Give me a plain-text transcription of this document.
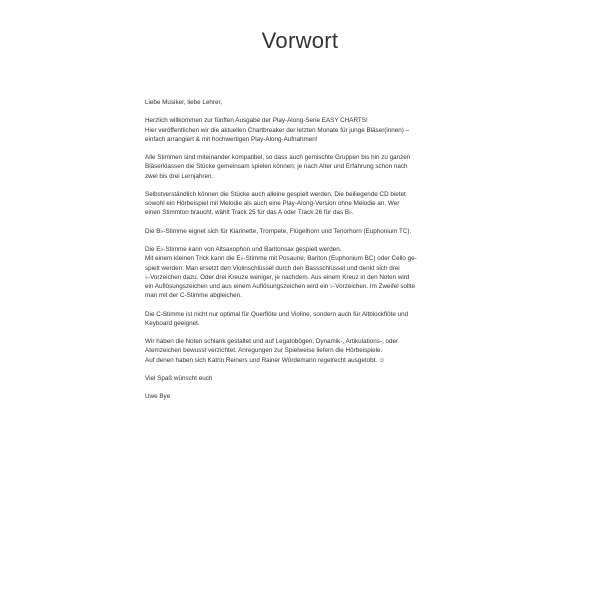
Vorwort

Liebe Musiker, liebe Lehrer,

Herzlich willkommen zur fünften Ausgabe der Play-Along-Serie EASY CHARTS!
Hier veröffentlichen wir die aktuellen Chartbreaker der letzten Monate für junge Bläser(innen) –
einfach arrangiert & mit hochwertigen Play-Along-Aufnahmen!

Alle Stimmen sind miteinander kompatibel, so dass auch gemischte Gruppen bis hin zu ganzen
Bläserklassen die Stücke gemeinsam spielen können; je nach Alter und Erfahrung schon nach
zwei bis drei Lernjahren.

Selbstverständlich können die Stücke auch alleine gespielt werden. Die beiliegende CD bietet
sowohl ein Hörbeispiel mit Melodie als auch eine Play-Along-Version ohne Melodie an. Wer
einen Stimmton braucht, wählt Track 25 für das A oder Track 26 für das B♭.

Die B♭-Stimme eignet sich für Klarinette, Trompete, Flügelhorn und Tenorhorn (Euphonium TC).

Die E♭-Stimme kann von Altsaxophon und Baritonsax gespielt werden.
Mit einem kleinen Trick kann die E♭-Stimme mit Posaune, Bariton (Euphonium BC) oder Cello ge-
spielt werden: Man ersetzt den Violinschlüssel durch den Bassschlüssel und denkt sich drei
♭-Vorzeichen dazu. Oder drei Kreuze weniger, je nachdem. Aus einem Kreuz in den Noten wird
ein Auflösungszeichen und aus einem Auflösungszeichen wird ein ♭-Vorzeichen. Im Zweifel sollte
man mit der C-Stimme abgleichen.

Die C-Stimme ist nicht nur optimal für Querflöte und Violine, sondern auch für Altblockflöte und
Keyboard geeignet.

Wir haben die Noten schlank gestaltet und auf Legatobögen, Dynamik-, Artikulations-, oder
Atemzeichen bewusst verzichtet. Anregungen zur Spielweise liefern die Hörbeispiele.
Auf denen haben sich Katrin Reiners und Rainer Wördemann regelrecht ausgetobt. ☺

Viel Spaß wünscht euch

Uwe Bye
